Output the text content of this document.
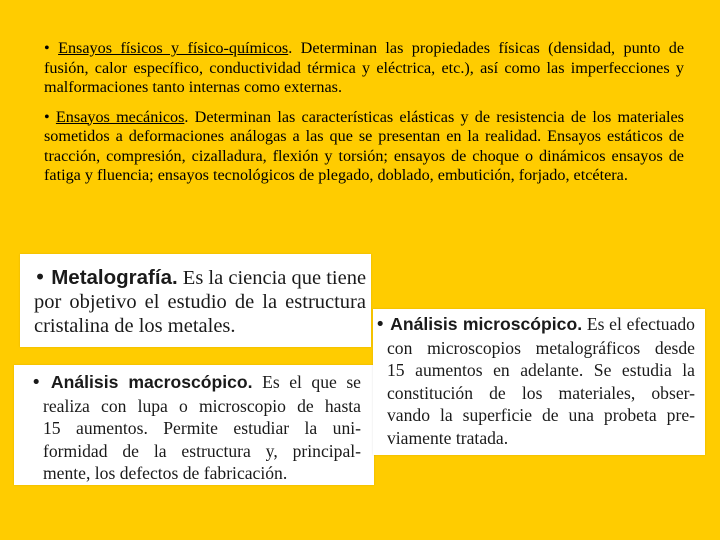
• Ensayos físicos y físico-químicos. Determinan las propiedades físicas (densidad, punto de fusión, calor específico, conductividad térmica y eléctrica, etc.), así como las imperfecciones y malformaciones tanto internas como externas.

• Ensayos mecánicos. Determinan las características elásticas y de resistencia de los materiales sometidos a deformaciones análogas a las que se presentan en la realidad. Ensayos estáticos de tracción, compresión, cizalladura, flexión y torsión; ensayos de choque o dinámicos ensayos de fatiga y fluencia; ensayos tecnológicos de plegado, doblado, embutición, forjado, etcétera.

• Metalografía. Es la ciencia que tiene
por objetivo el estudio de la estructura
cristalina de los metales.
• Análisis macroscópico. Es el que se
realiza con lupa o microscopio de hasta
15 aumentos. Permite estudiar la uni-
formidad de la estructura y, principal-
mente, los defectos de fabricación.
• Análisis microscópico. Es el efectuado
con microscopios metalográficos desde
15 aumentos en adelante. Se estudia la
constitución de los materiales, obser-
vando la superficie de una probeta pre-
viamente tratada.
